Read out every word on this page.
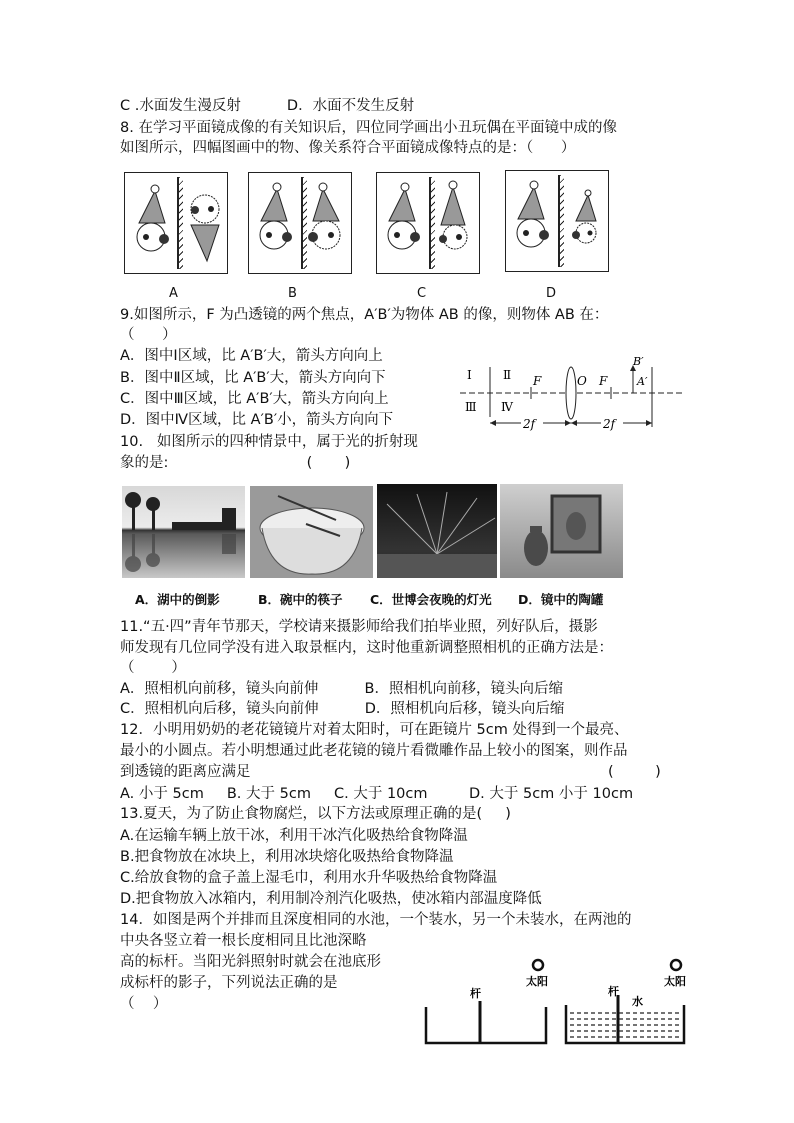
C .水面发生漫反射          D．水面不发生反射
8. 在学习平面镜成像的有关知识后，四位同学画出小丑玩偶在平面镜中成的像
如图所示，四幅图画中的物、像关系符合平面镜成像特点的是：（      ）
A	B	C	D
9.如图所示，F 为凸透镜的两个焦点，A′B′为物体 AB 的像，则物体 AB 在：
（      ）
A．图中Ⅰ区域，比 A′B′大，箭头方向向上
B．图中Ⅱ区域，比 A′B′大，箭头方向向下
C．图中Ⅲ区域，比 A′B′大，箭头方向向上
D．图中Ⅳ区域，比 A′B′小，箭头方向向下
Ⅰ	Ⅱ
Ⅲ Ⅳ
F	O F
B′
A′
2f	2f
10.   如图所示的四种情景中，属于光的折射现
象的是:                              (       )
A．湖中的倒影	B．碗中的筷子 C．世博会夜晚的灯光 D．镜中的陶罐
11.“五·四”青年节那天，学校请来摄影师给我们拍毕业照，列好队后，摄影
师发现有几位同学没有进入取景框内，这时他重新调整照相机的正确方法是：
（        ）
A．照相机向前移，镜头向前伸          B．照相机向前移，镜头向后缩
C．照相机向后移，镜头向前伸          D．照相机向后移，镜头向后缩
12．小明用奶奶的老花镜镜片对着太阳时，可在距镜片 5cm 处得到一个最亮、
最小的小圆点。若小明想通过此老花镜的镜片看微雕作品上较小的图案，则作品
到透镜的距离应满足	(         )
A. 小于 5cm     B. 大于 5cm     C. 大于 10cm         D. 大于 5cm 小于 10cm
13.夏天，为了防止食物腐烂，以下方法或原理正确的是(     )
A.在运输车辆上放干冰，利用干冰汽化吸热给食物降温
B.把食物放在冰块上，利用冰块熔化吸热给食物降温
C.给放食物的盒子盖上湿毛巾，利用水升华吸热给食物降温
D.把食物放入冰箱内，利用制冷剂汽化吸热，使冰箱内部温度降低
14．如图是两个并排而且深度相同的水池，一个装水，另一个未装水，在两池的
中央各竖立着一根长度相同且比池深略
高的标杆。当阳光斜照射时就会在池底形
成标杆的影子，下列说法正确的是
（    ）
杆
太阳
杆
水
太阳
